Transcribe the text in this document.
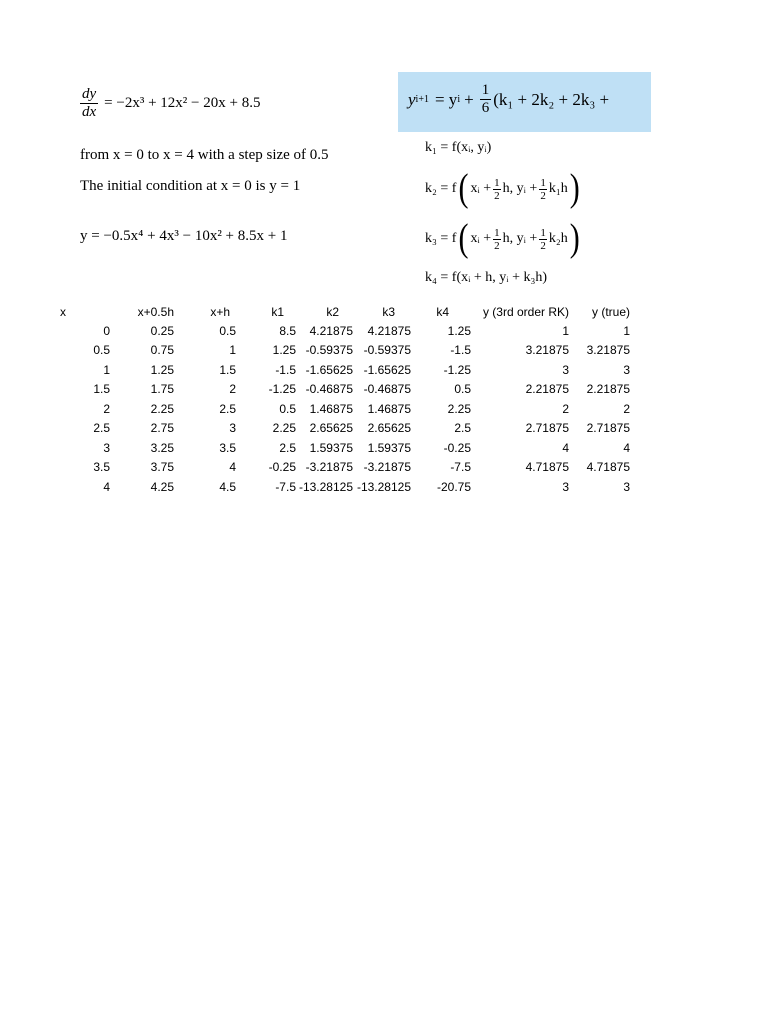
$\frac{dy}{dx} = -2x^3 + 12x^2 - 20x + 8.5$
from x = 0 to x = 4 with a step size of 0.5
The initial condition at x = 0 is y = 1
y = −0.5x⁴ + 4x³ − 10x² + 8.5x + 1
y i+1 = y $i + \frac{1}{6} (k_1 + 2k_2 + 2k_3$ +
k₁ = f(xᵢ, yᵢ)
k₂ = f ( xᵢ + $\frac{1}{2} h$, yᵢ + $\frac{1}{2} k_1h$ )
k₃ = f ( xᵢ + $\frac{1}{2} h$, yᵢ + $\frac{1}{2} k_2h$ )
k₄ = f(xᵢ + h, yᵢ + k₃h)
x	x+0.5h	x+h	k1	k2	k3	k4	y (3rd order RK)	y (true)
0	0.25	0.5	8.5	4.21875	4.21875	1.25	1	1
0.5	0.75	1	1.25	-0.59375	-0.59375	-1.5	3.21875	3.21875
1	1.25	1.5	-1.5	-1.65625	-1.65625	-1.25	3	3
1.5	1.75	2	-1.25	-0.46875	-0.46875	0.5	2.21875	2.21875
2	2.25	2.5	0.5	1.46875	1.46875	2.25	2	2
2.5	2.75	3	2.25	2.65625	2.65625	2.5	2.71875	2.71875
3	3.25	3.5	2.5	1.59375	1.59375	-0.25	4	4
3.5	3.75	4	-0.25	-3.21875	-3.21875	-7.5	4.71875	4.71875
4	4.25	4.5	-7.5	-13.28125	-13.28125	-20.75	3	3
